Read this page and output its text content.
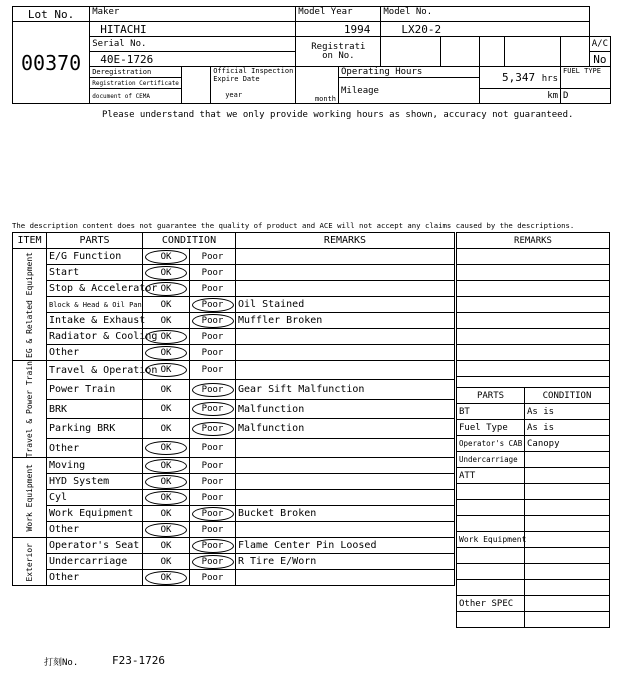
Lot No.	Maker			Model Year		Model No.					
00370	HITACHI			1994		LX20-2					
	Serial No.			Registrati
on No.							A/C
	40E-1726										No
	Deregistration		Official Inspection
Expire Date

year	month	Operating Hours			5,347 hrs		FUEL TYPE	
	Registration Certificate				Mileage						
	document of CEMA							km		D	
Please understand that we only provide working hours as shown, accuracy not guaranteed.
The description content does not guarantee the quality of product and ACE will not accept any claims caused by the descriptions.
ITEM	PARTS	CONDITION		REMARKS

EG & Related Equipment	E/G Function	OK	Poor	
	Start	OK	Poor	
	Stop & Accelerator	OK	Poor	
	Block & Head & Oil Pan	OK	Poor	Oil Stained
	Intake & Exhaust	OK	Poor	Muffler Broken
	Radiator & Cooling	OK	Poor	
	Other	OK	Poor	

Travel & Power Train	Travel & Operation	OK	Poor	
	Power Train	OK	Poor	Gear Sift Malfunction
	BRK	OK	Poor	Malfunction
	Parking BRK	OK	Poor	Malfunction
	Other	OK	Poor	

Work Equipment	Moving	OK	Poor	
	HYD System	OK	Poor	
	Cyl	OK	Poor	
	Work Equipment	OK	Poor	Bucket Broken
	Other	OK	Poor	

Exterior	Operator's Seat	OK	Poor	Flame Center Pin Loosed
	Undercarriage	OK	Poor	R Tire E/Worn
	Other	OK	Poor	
REMARKS	

PARTS	CONDITION
BT	As is
Fuel Type	As is
Operator's CAB	Canopy
Undercarriage	
ATT	

Work Equipment	

Other SPEC	

打刻No.	F23-1726
